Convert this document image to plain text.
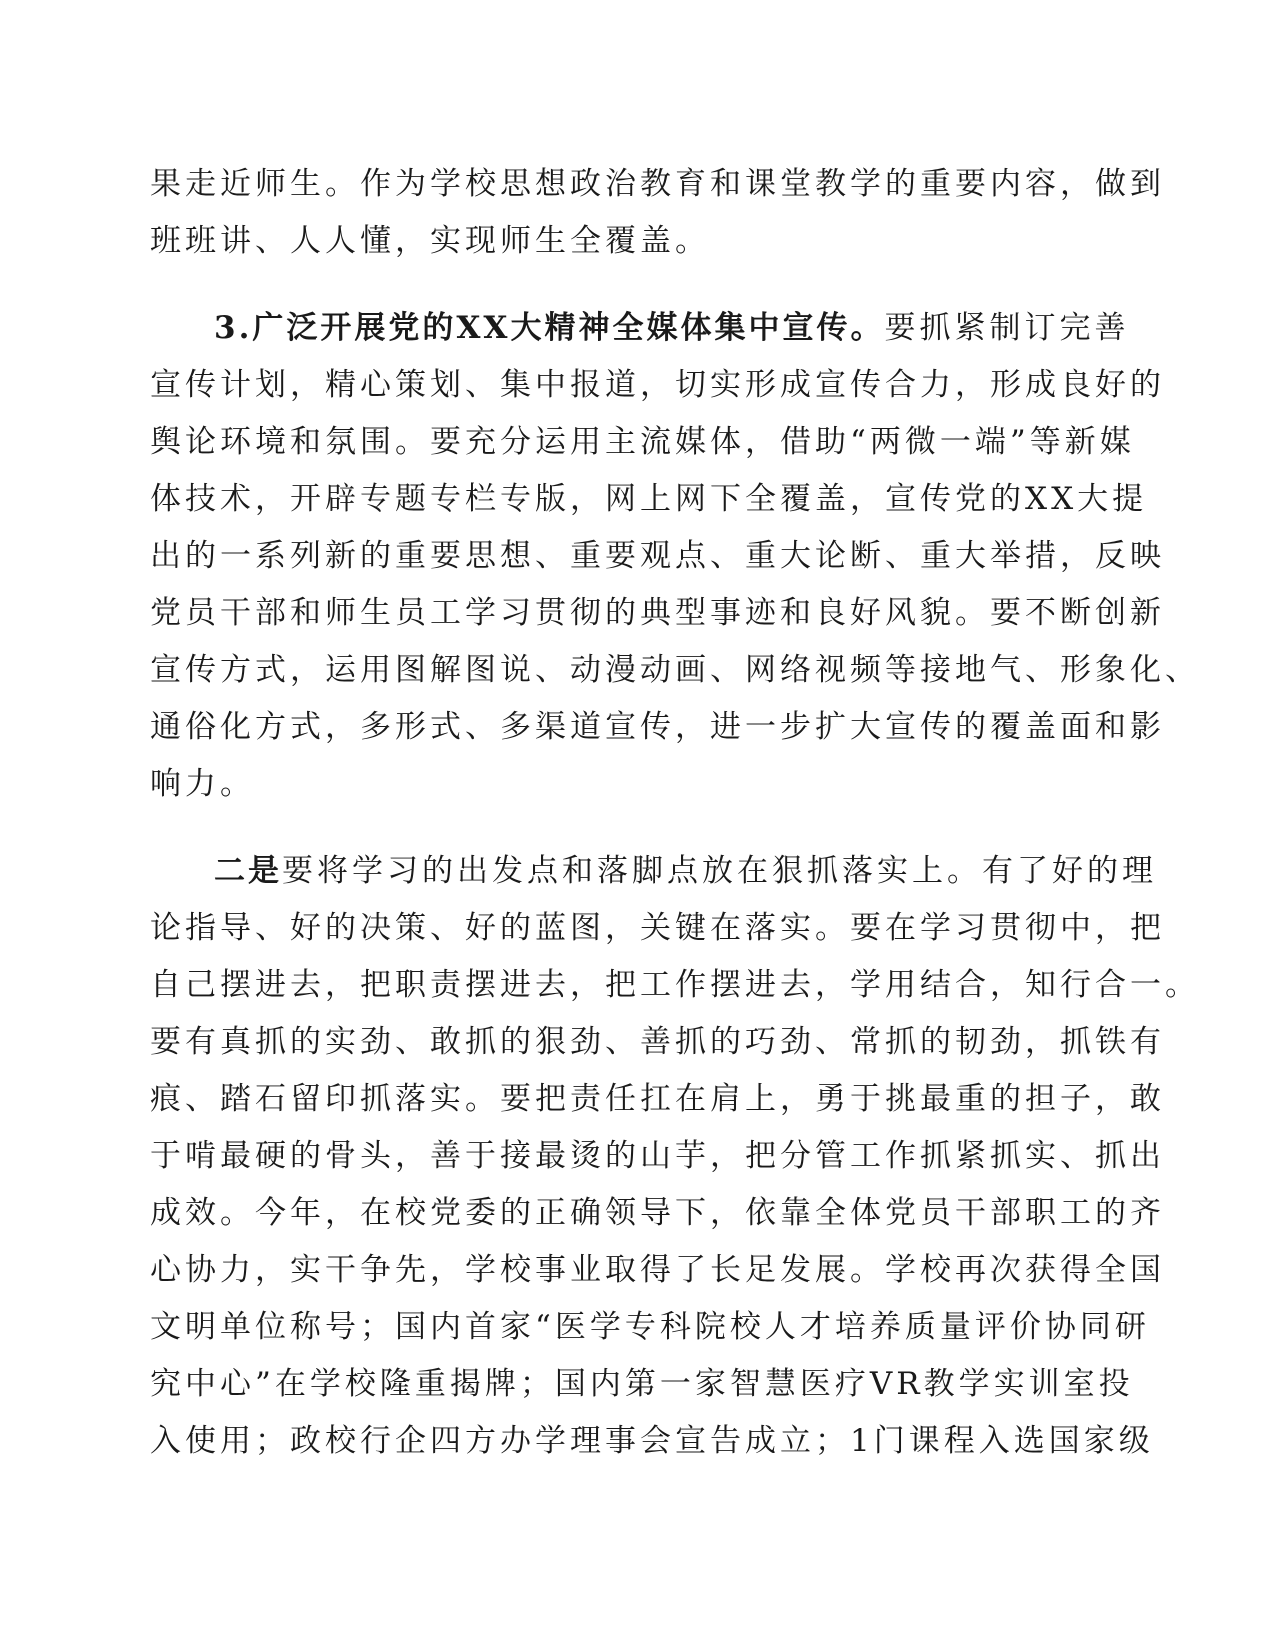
果走近师生。作为学校思想政治教育和课堂教学的重要内容，做到
班班讲、人人懂，实现师生全覆盖。
3.广泛开展党的XX大精神全媒体集中宣传。要抓紧制订完善
宣传计划，精心策划、集中报道，切实形成宣传合力，形成良好的
舆论环境和氛围。要充分运用主流媒体，借助“两微一端”等新媒
体技术，开辟专题专栏专版，网上网下全覆盖，宣传党的XX大提
出的一系列新的重要思想、重要观点、重大论断、重大举措，反映
党员干部和师生员工学习贯彻的典型事迹和良好风貌。要不断创新
宣传方式，运用图解图说、动漫动画、网络视频等接地气、形象化、
通俗化方式，多形式、多渠道宣传，进一步扩大宣传的覆盖面和影
响力。
二是要将学习的出发点和落脚点放在狠抓落实上。有了好的理
论指导、好的决策、好的蓝图，关键在落实。要在学习贯彻中，把
自己摆进去，把职责摆进去，把工作摆进去，学用结合，知行合一。
要有真抓的实劲、敢抓的狠劲、善抓的巧劲、常抓的韧劲，抓铁有
痕、踏石留印抓落实。要把责任扛在肩上，勇于挑最重的担子，敢
于啃最硬的骨头，善于接最烫的山芋，把分管工作抓紧抓实、抓出
成效。今年，在校党委的正确领导下，依靠全体党员干部职工的齐
心协力，实干争先，学校事业取得了长足发展。学校再次获得全国
文明单位称号；国内首家“医学专科院校人才培养质量评价协同研
究中心”在学校隆重揭牌；国内第一家智慧医疗VR教学实训室投
入使用；政校行企四方办学理事会宣告成立；1门课程入选国家级
